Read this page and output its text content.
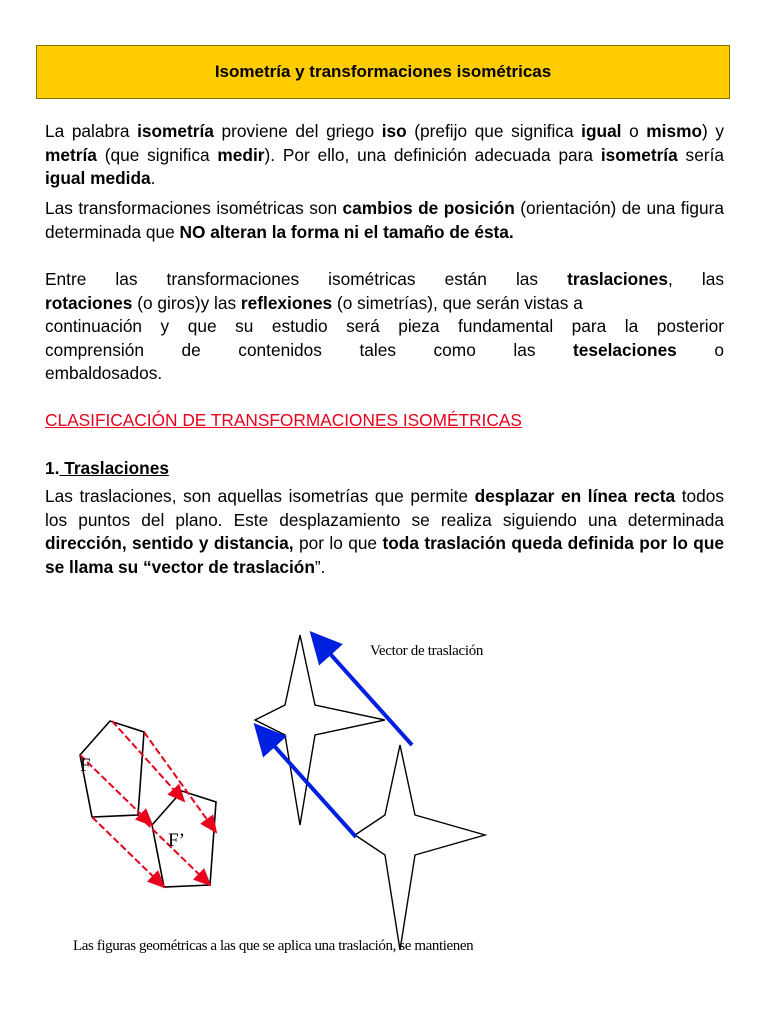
Isometría y transformaciones isométricas
La palabra isometría proviene del griego iso (prefijo que significa igual o mismo) y metría (que significa medir). Por ello, una definición adecuada para isometría sería igual medida.
Las transformaciones isométricas son cambios de posición (orientación) de una figura determinada que NO alteran la forma ni el tamaño de ésta.
Entre las transformaciones isométricas están las traslaciones, las
rotaciones (o giros)y las reflexiones (o simetrías), que serán vistas a
continuación y que su estudio será pieza fundamental para la posterior
comprensión de contenidos tales como las teselaciones o
embaldosados.
CLASIFICACIÓN DE TRANSFORMACIONES ISOMÉTRICAS
1. Traslaciones
Las traslaciones, son aquellas isometrías que permite desplazar en línea recta todos los puntos del plano. Este desplazamiento se realiza siguiendo una determinada dirección, sentido y distancia, por lo que toda traslación queda definida por lo que se llama su “vector de traslación”.
F
F’
Vector de traslación
Las figuras geométricas a las que se aplica una traslación, se mantienen
